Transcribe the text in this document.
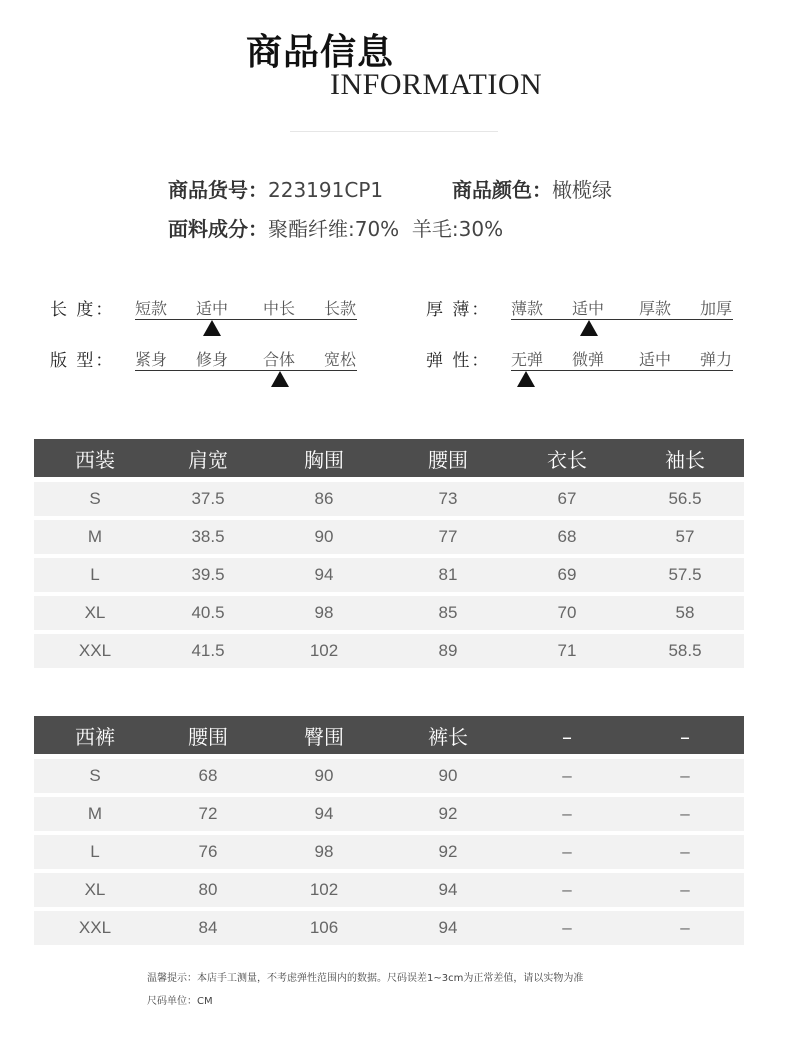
商品信息
INFORMATION
商品货号：223191CP1	商品颜色：橄榄绿
面料成分：聚酯纤维:70%  羊毛:30%
长 度： 短款 适中 中长 长款
版 型： 紧身 修身 合体 宽松
厚 薄： 薄款 适中 厚款 加厚
弹 性： 无弹 微弹 适中 弹力
西装	肩宽	胸围	腰围	衣长	袖长
S	37.5	86	73	67	56.5
M	38.5	90	77	68	57
L	39.5	94	81	69	57.5
XL	40.5	98	85	70	58
XXL	41.5	102	89	71	58.5
西裤	腰围	臀围	裤长	–	–
S	68	90	90	–	–
M	72	94	92	–	–
L	76	98	92	–	–
XL	80	102	94	–	–
XXL	84	106	94	–	–
温馨提示：本店手工测量，不考虑弹性范围内的数据。尺码误差1~3cm为正常差值，请以实物为准
尺码单位：CM
